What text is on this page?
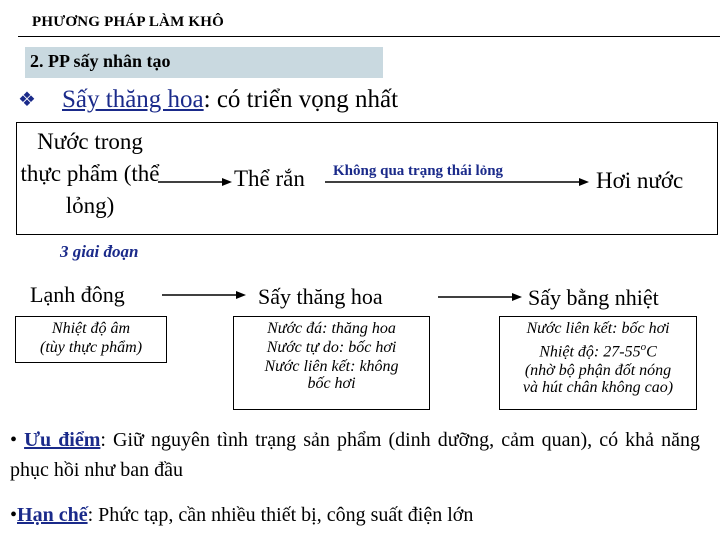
PHƯƠNG PHÁP LÀM KHÔ
2. PP sấy nhân tạo
❖ Sấy thăng hoa: có triển vọng nhất
Nước trong thực phẩm (thể lỏng)
Thể rắn Không qua trạng thái lỏng	Hơi nước
3 giai đoạn
Lạnh đông	Sấy thăng hoa	Sấy bằng nhiệt
Nhiệt độ âm
(tùy thực phẩm)
Nước đá: thăng hoa
Nước tự do: bốc hơi
Nước liên kết: không
bốc hơi
Nước liên kết: bốc hơi
Nhiệt độ: 27-55$^o$C
(nhờ bộ phận đốt nóng
và hút chân không cao)
• Ưu điểm: Giữ nguyên tình trạng sản phẩm (dinh dưỡng, cảm quan), có khả năng phục hồi như ban đầu
•Hạn chế: Phức tạp, cần nhiều thiết bị, công suất điện lớn
